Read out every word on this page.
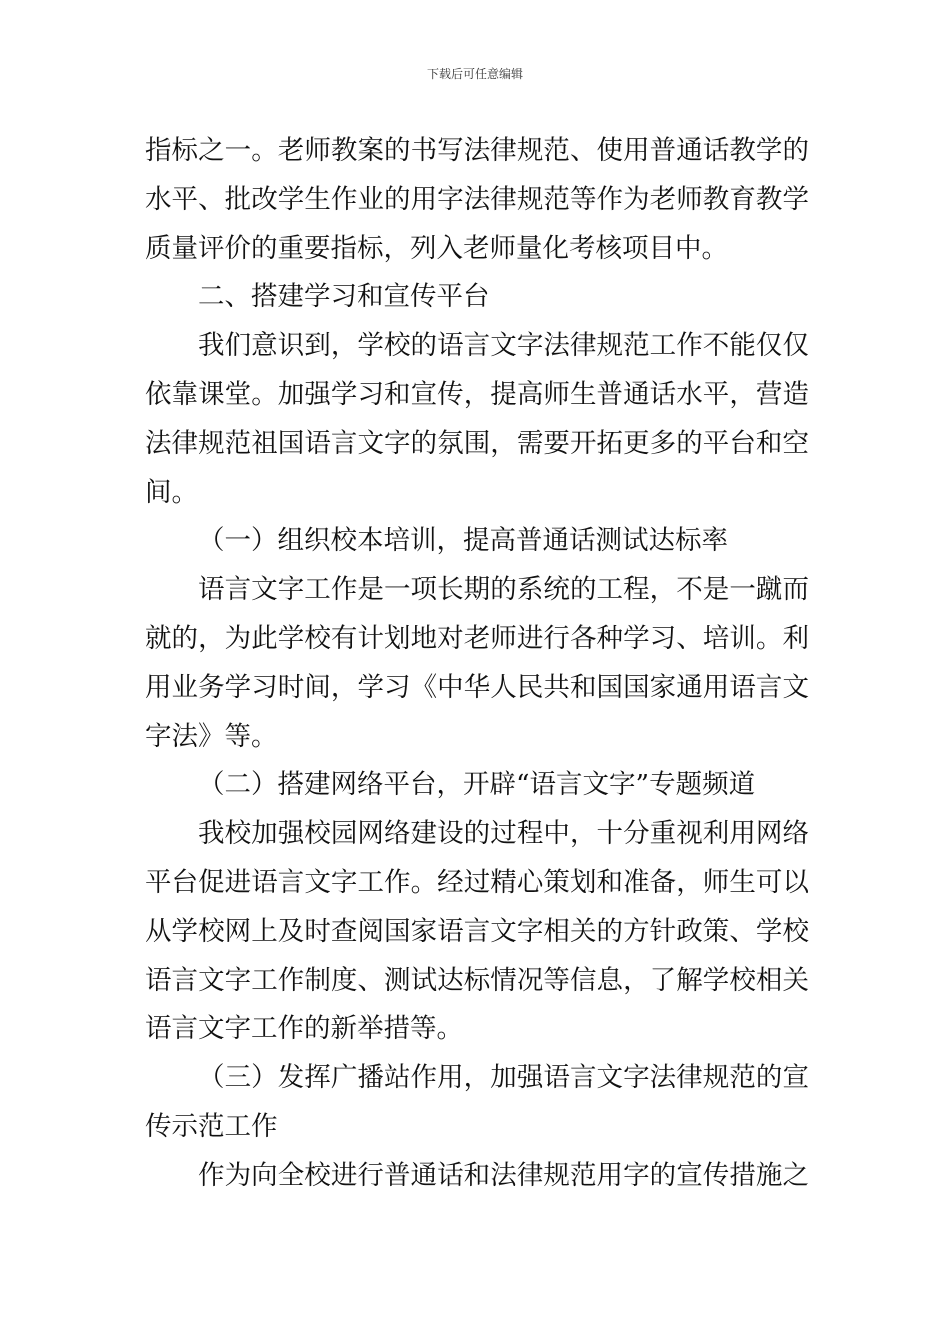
下载后可任意编辑
指标之一。老师教案的书写法律规范、使用普通话教学的
水平、批改学生作业的用字法律规范等作为老师教育教学
质量评价的重要指标，列入老师量化考核项目中。
二、搭建学习和宣传平台
我们意识到，学校的语言文字法律规范工作不能仅仅
依靠课堂。加强学习和宣传，提高师生普通话水平，营造
法律规范祖国语言文字的氛围，需要开拓更多的平台和空
间。
（一）组织校本培训，提高普通话测试达标率
语言文字工作是一项长期的系统的工程，不是一蹴而
就的，为此学校有计划地对老师进行各种学习、培训。利
用业务学习时间，学习《中华人民共和国国家通用语言文
字法》等。
（二）搭建网络平台，开辟“语言文字”专题频道
我校加强校园网络建设的过程中，十分重视利用网络
平台促进语言文字工作。经过精心策划和准备，师生可以
从学校网上及时查阅国家语言文字相关的方针政策、学校
语言文字工作制度、测试达标情况等信息，了解学校相关
语言文字工作的新举措等。
（三）发挥广播站作用，加强语言文字法律规范的宣
传示范工作
作为向全校进行普通话和法律规范用字的宣传措施之
